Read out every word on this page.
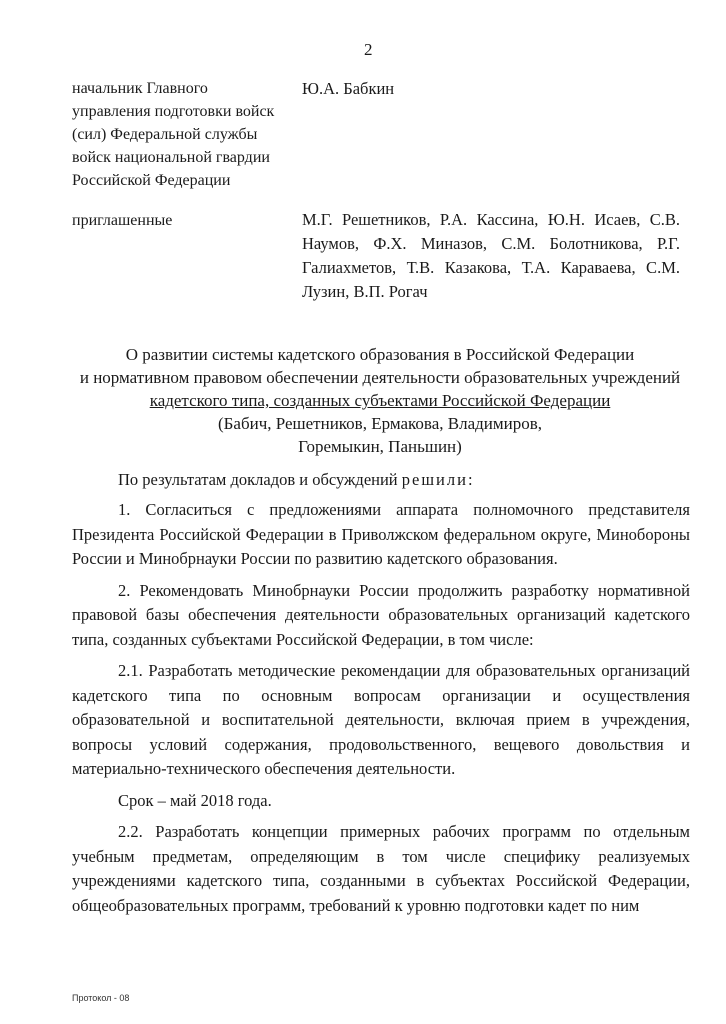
2
начальник Главного управления подготовки войск (сил) Федеральной службы войск национальной гвардии Российской Федерации
Ю.А. Бабкин
приглашенные	М.Г. Решетников, Р.А. Кассина, Ю.Н. Исаев, С.В. Наумов, Ф.Х. Миназов, С.М. Болотникова, Р.Г. Галиахметов, Т.В. Казакова, Т.А. Караваева, С.М. Лузин, В.П. Рогач
О развитии системы кадетского образования в Российской Федерации
и нормативном правовом обеспечении деятельности образовательных учреждений
кадетского типа, созданных субъектами Российской Федерации
(Бабич, Решетников, Ермакова, Владимиров,
Горемыкин, Паньшин)

По результатам докладов и обсуждений решили:

1. Согласиться с предложениями аппарата полномочного представителя Президента Российской Федерации в Приволжском федеральном округе, Минобороны России и Минобрнауки России по развитию кадетского образования.

2. Рекомендовать Минобрнауки России продолжить разработку нормативной правовой базы обеспечения деятельности образовательных организаций кадетского типа, созданных субъектами Российской Федерации, в том числе:

2.1. Разработать методические рекомендации для образовательных организаций кадетского типа по основным вопросам организации и осуществления образовательной и воспитательной деятельности, включая прием в учреждения, вопросы условий содержания, продовольственного, вещевого довольствия и материально-технического обеспечения деятельности.

Срок – май 2018 года.

2.2. Разработать концепции примерных рабочих программ по отдельным учебным предметам, определяющим в том числе специфику реализуемых учреждениями кадетского типа, созданными в субъектах Российской Федерации, общеобразовательных программ, требований к уровню подготовки кадет по ним

Протокол - 08
